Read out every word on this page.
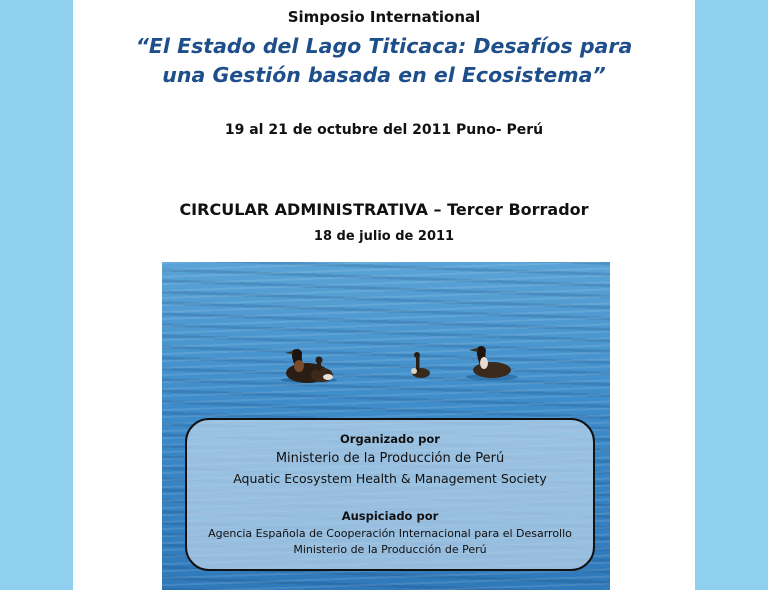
Simposio International
“El Estado del Lago Titicaca: Desafíos para
una Gestión basada en el Ecosistema”
19 al 21 de octubre del 2011 Puno- Perú
CIRCULAR ADMINISTRATIVA – Tercer Borrador
18 de julio de 2011
Organizado por
Ministerio de la Producción de Perú
Aquatic Ecosystem Health & Management Society
Auspiciado por
Agencia Española de Cooperación Internacional para el Desarrollo
Ministerio de la Producción de Perú
